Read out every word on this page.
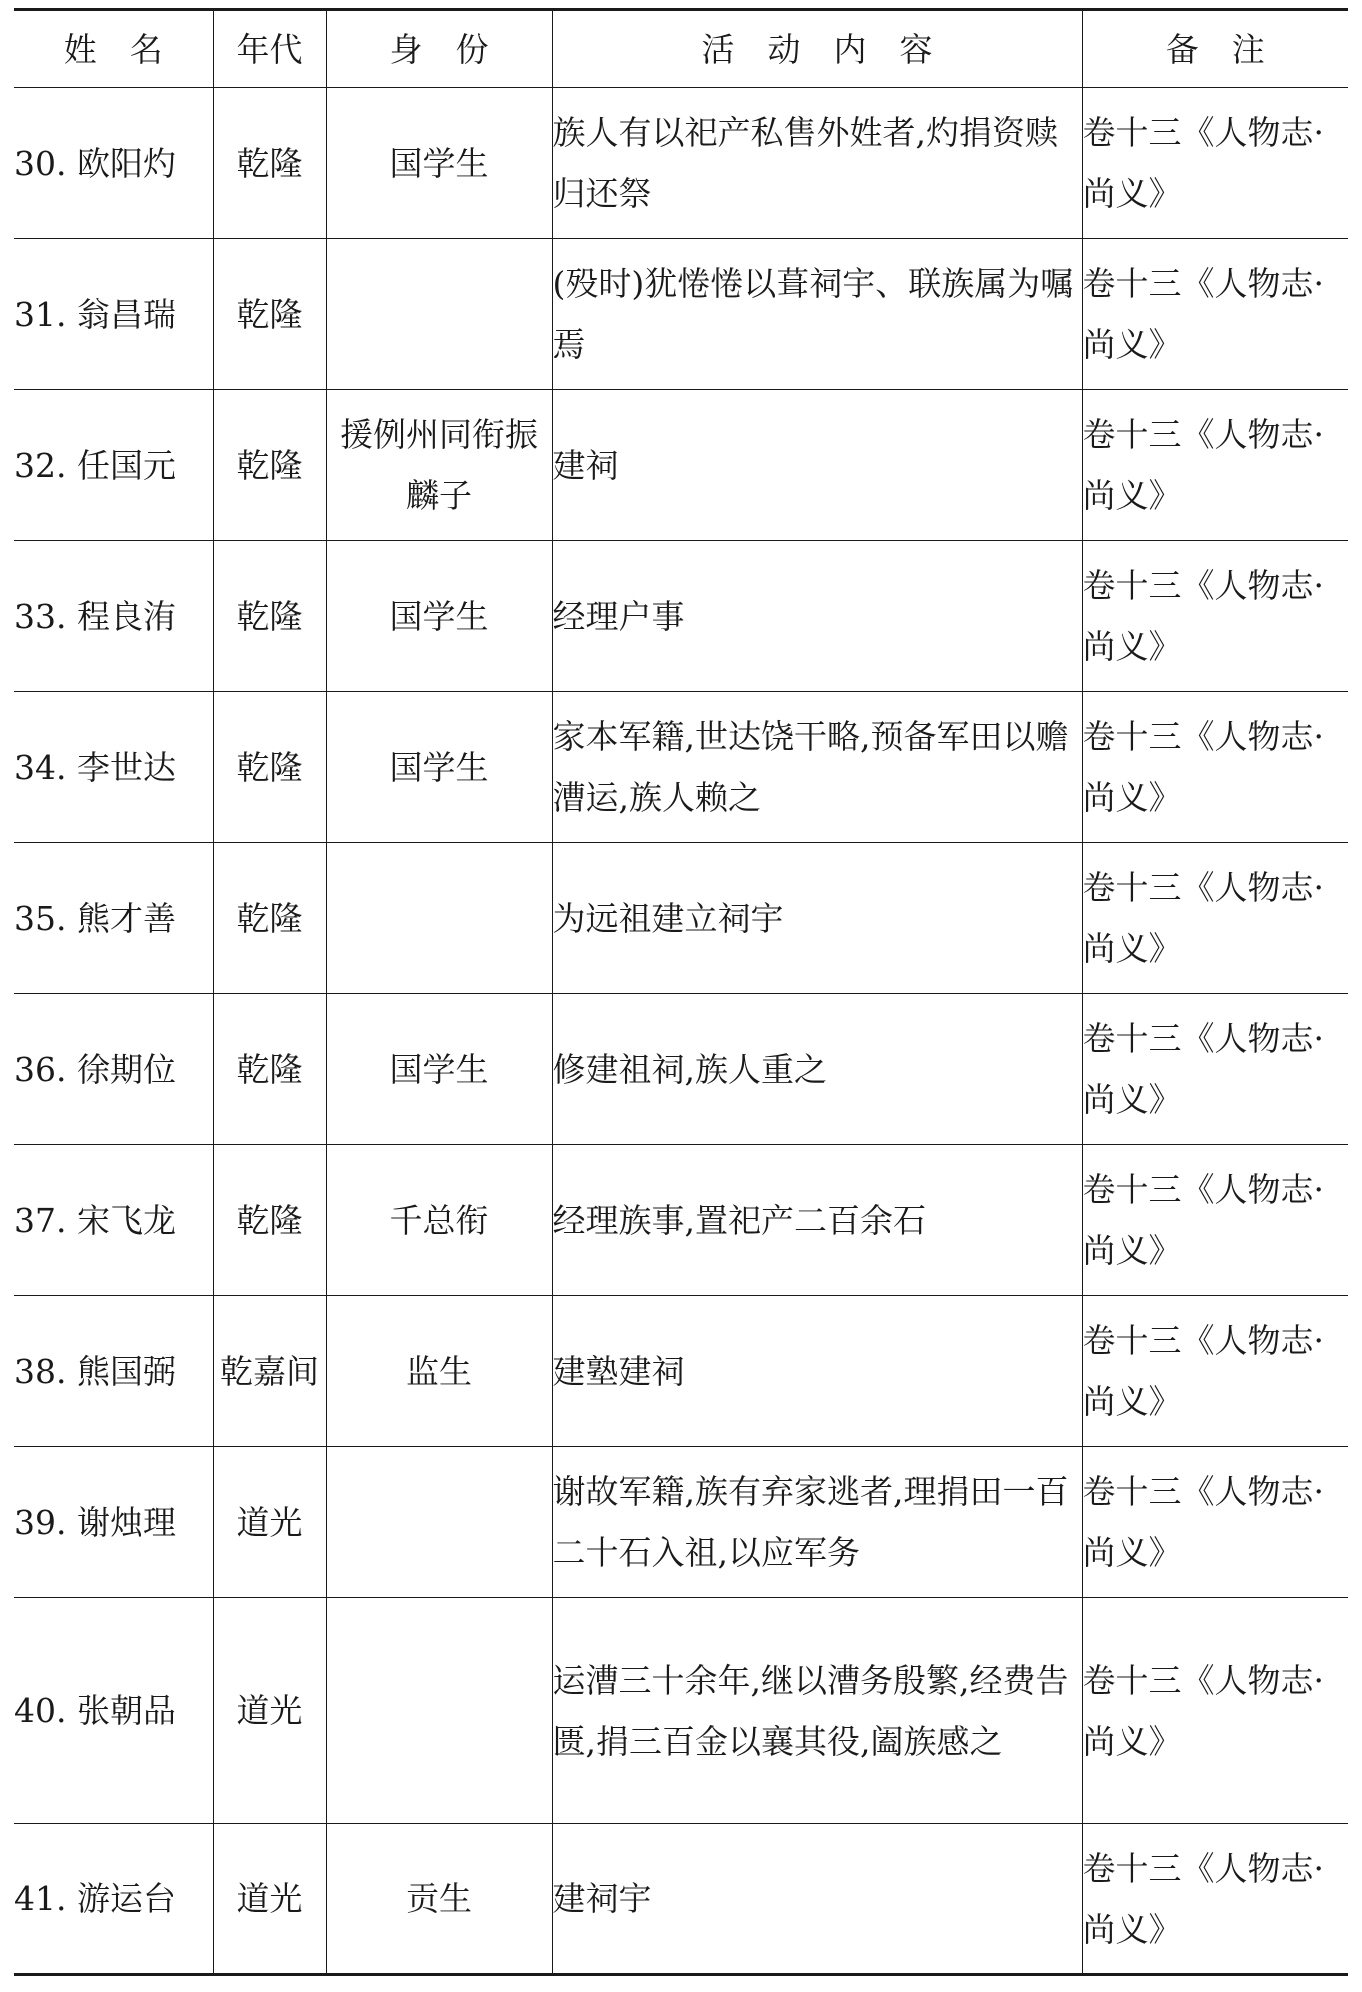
姓　名	年代	身　份	活　动　内　容	备　注
30. 欧阳灼	乾隆	国学生	族人有以祀产私售外姓者,灼捐资赎归还祭	卷十三《人物志·尚义》
31. 翁昌瑞	乾隆		(殁时)犹惓惓以葺祠宇、联族属为嘱焉	卷十三《人物志·尚义》
32. 任国元	乾隆	援例州同衔振麟子	建祠	卷十三《人物志·尚义》
33. 程良洧	乾隆	国学生	经理户事	卷十三《人物志·尚义》
34. 李世达	乾隆	国学生	家本军籍,世达饶干略,预备军田以赡漕运,族人赖之	卷十三《人物志·尚义》
35. 熊才善	乾隆		为远祖建立祠宇	卷十三《人物志·尚义》
36. 徐期位	乾隆	国学生	修建祖祠,族人重之	卷十三《人物志·尚义》
37. 宋飞龙	乾隆	千总衔	经理族事,置祀产二百余石	卷十三《人物志·尚义》
38. 熊国弼	乾嘉间	监生	建塾建祠	卷十三《人物志·尚义》
39. 谢烛理	道光		谢故军籍,族有弃家逃者,理捐田一百二十石入祖,以应军务	卷十三《人物志·尚义》
40. 张朝品	道光		运漕三十余年,继以漕务殷繁,经费告匮,捐三百金以襄其役,阖族感之	卷十三《人物志·尚义》
41. 游运台	道光	贡生	建祠宇	卷十三《人物志·尚义》
